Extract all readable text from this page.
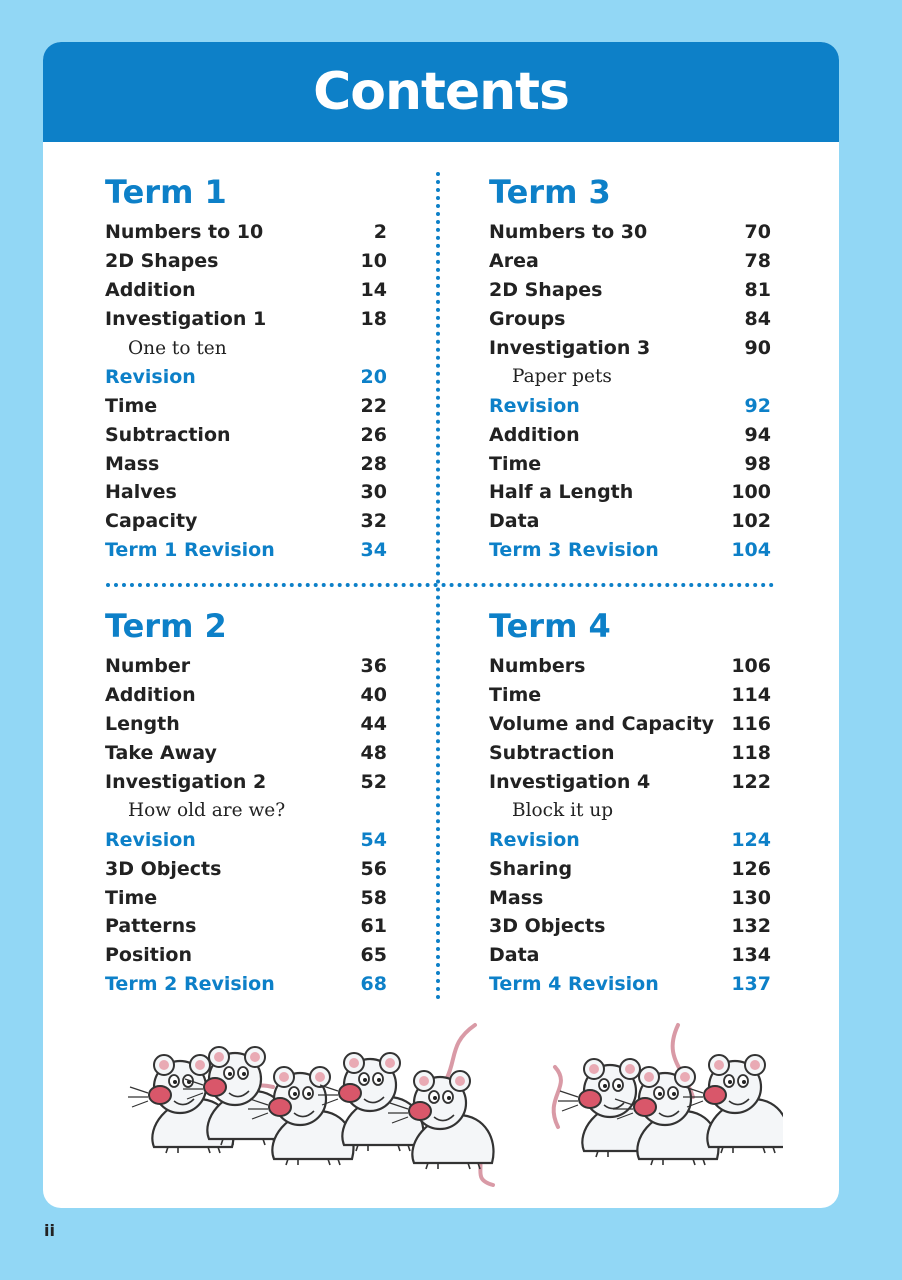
Contents
Term 1
Numbers to 10	2
2D Shapes	10
Addition	14
Investigation 1	18
One to ten
Revision	20
Time	22
Subtraction	26
Mass	28
Halves	30
Capacity	32
Term 1 Revision	34
Term 3
Numbers to 30	70
Area	78
2D Shapes	81
Groups	84
Investigation 3	90
Paper pets
Revision	92
Addition	94
Time	98
Half a Length	100
Data	102
Term 3 Revision	104
Term 2
Number	36
Addition	40
Length	44
Take Away	48
Investigation 2	52
How old are we?
Revision	54
3D Objects	56
Time	58
Patterns	61
Position	65
Term 2 Revision	68
Term 4
Numbers	106
Time	114
Volume and Capacity 116
Subtraction	118
Investigation 4	122
Block it up
Revision	124
Sharing	126
Mass	130
3D Objects	132
Data	134
Term 4 Revision	137
ii
